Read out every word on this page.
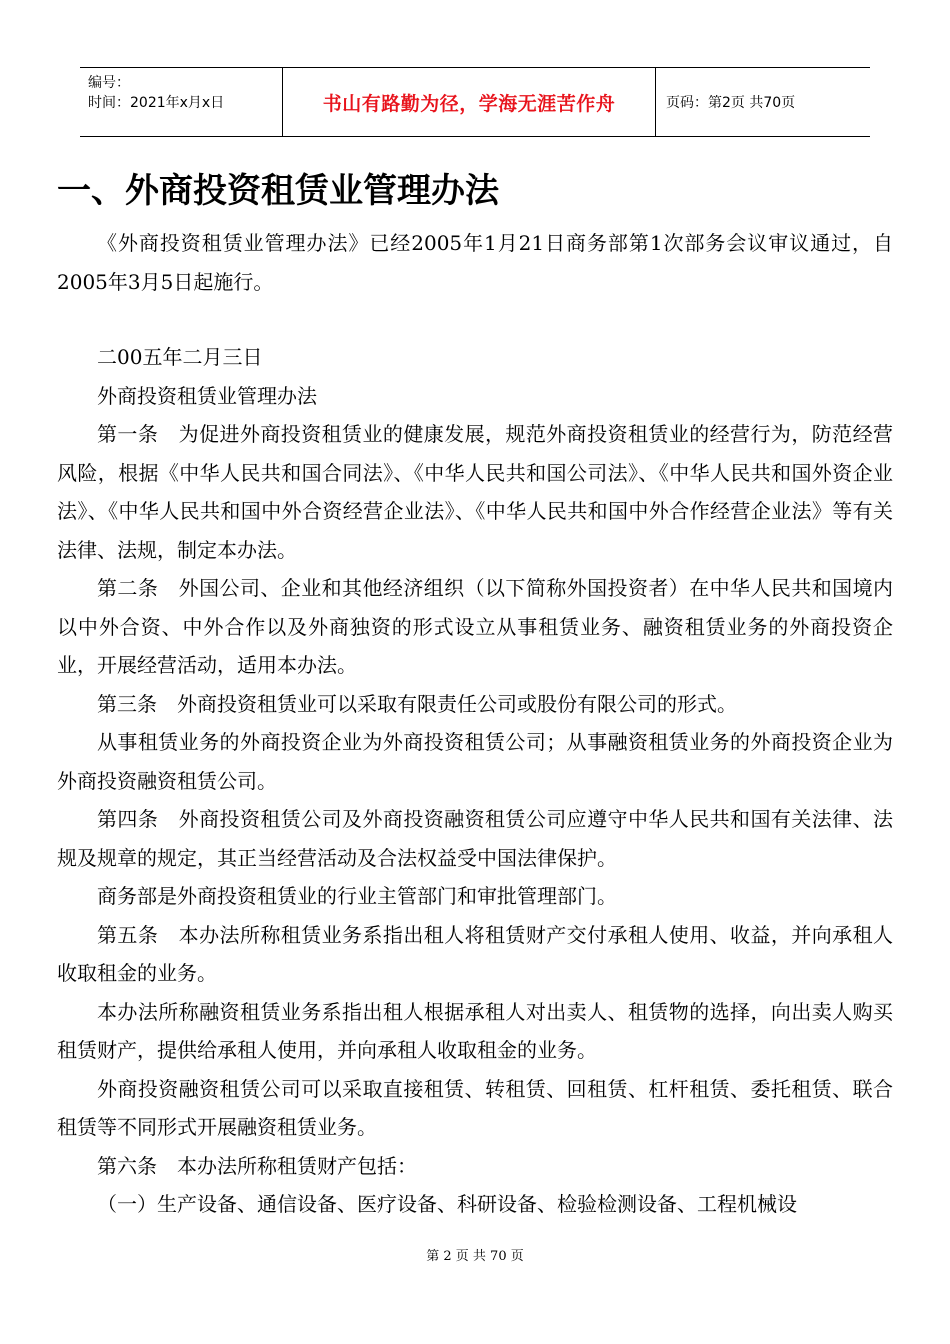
编号：
时间：2021年x月x日	书山有路勤为径，学海无涯苦作舟	页码：第2页 共70页
一、外商投资租赁业管理办法

《外商投资租赁业管理办法》已经2005年1月21日商务部第1次部务会议审议通过，自2005年3月5日起施行。

二00五年二月三日

外商投资租赁业管理办法

第一条　为促进外商投资租赁业的健康发展，规范外商投资租赁业的经营行为，防范经营风险，根据《中华人民共和国合同法》、《中华人民共和国公司法》、《中华人民共和国外资企业法》、《中华人民共和国中外合资经营企业法》、《中华人民共和国中外合作经营企业法》等有关法律、法规，制定本办法。

第二条　外国公司、企业和其他经济组织（以下简称外国投资者）在中华人民共和国境内以中外合资、中外合作以及外商独资的形式设立从事租赁业务、融资租赁业务的外商投资企业，开展经营活动，适用本办法。

第三条　外商投资租赁业可以采取有限责任公司或股份有限公司的形式。

从事租赁业务的外商投资企业为外商投资租赁公司；从事融资租赁业务的外商投资企业为外商投资融资租赁公司。

第四条　外商投资租赁公司及外商投资融资租赁公司应遵守中华人民共和国有关法律、法规及规章的规定，其正当经营活动及合法权益受中国法律保护。

商务部是外商投资租赁业的行业主管部门和审批管理部门。

第五条　本办法所称租赁业务系指出租人将租赁财产交付承租人使用、收益，并向承租人收取租金的业务。

本办法所称融资租赁业务系指出租人根据承租人对出卖人、租赁物的选择，向出卖人购买租赁财产，提供给承租人使用，并向承租人收取租金的业务。

外商投资融资租赁公司可以采取直接租赁、转租赁、回租赁、杠杆租赁、委托租赁、联合租赁等不同形式开展融资租赁业务。

第六条　本办法所称租赁财产包括：

（一）生产设备、通信设备、医疗设备、科研设备、检验检测设备、工程机械设

第 2 页 共 70 页
